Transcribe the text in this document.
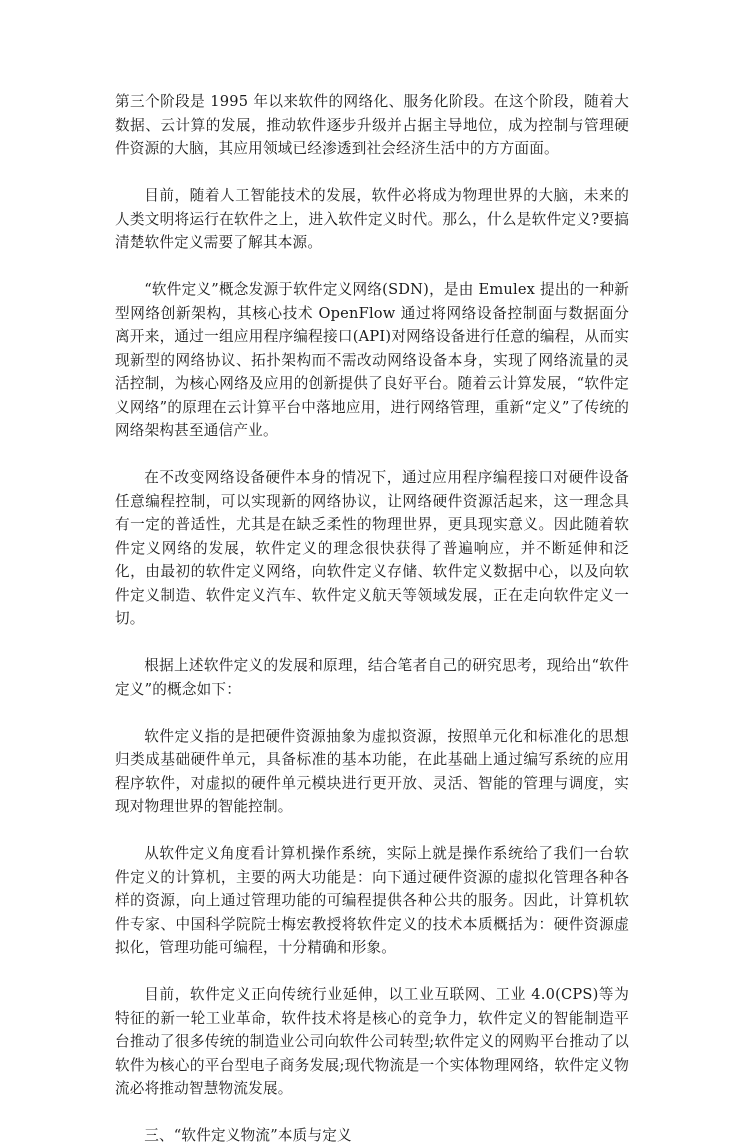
第三个阶段是 1995 年以来软件的网络化、服务化阶段。在这个阶段，随着大数据、云计算的发展，推动软件逐步升级并占据主导地位，成为控制与管理硬件资源的大脑，其应用领域已经渗透到社会经济生活中的方方面面。

目前，随着人工智能技术的发展，软件必将成为物理世界的大脑，未来的人类文明将运行在软件之上，进入软件定义时代。那么，什么是软件定义?要搞清楚软件定义需要了解其本源。

“软件定义”概念发源于软件定义网络(SDN)，是由 Emulex 提出的一种新型网络创新架构，其核心技术 OpenFlow 通过将网络设备控制面与数据面分离开来，通过一组应用程序编程接口(API)对网络设备进行任意的编程，从而实现新型的网络协议、拓扑架构而不需改动网络设备本身，实现了网络流量的灵活控制，为核心网络及应用的创新提供了良好平台。随着云计算发展，“软件定义网络”的原理在云计算平台中落地应用，进行网络管理，重新“定义”了传统的网络架构甚至通信产业。

在不改变网络设备硬件本身的情况下，通过应用程序编程接口对硬件设备任意编程控制，可以实现新的网络协议，让网络硬件资源活起来，这一理念具有一定的普适性，尤其是在缺乏柔性的物理世界，更具现实意义。因此随着软件定义网络的发展，软件定义的理念很快获得了普遍响应，并不断延伸和泛化，由最初的软件定义网络，向软件定义存储、软件定义数据中心，以及向软件定义制造、软件定义汽车、软件定义航天等领域发展，正在走向软件定义一切。

根据上述软件定义的发展和原理，结合笔者自己的研究思考，现给出“软件定义”的概念如下：

软件定义指的是把硬件资源抽象为虚拟资源，按照单元化和标准化的思想归类成基础硬件单元，具备标准的基本功能，在此基础上通过编写系统的应用程序软件，对虚拟的硬件单元模块进行更开放、灵活、智能的管理与调度，实现对物理世界的智能控制。

从软件定义角度看计算机操作系统，实际上就是操作系统给了我们一台软件定义的计算机，主要的两大功能是：向下通过硬件资源的虚拟化管理各种各样的资源，向上通过管理功能的可编程提供各种公共的服务。因此，计算机软件专家、中国科学院院士梅宏教授将软件定义的技术本质概括为：硬件资源虚拟化，管理功能可编程，十分精确和形象。

目前，软件定义正向传统行业延伸，以工业互联网、工业 4.0(CPS)等为特征的新一轮工业革命，软件技术将是核心的竞争力，软件定义的智能制造平台推动了很多传统的制造业公司向软件公司转型;软件定义的网购平台推动了以软件为核心的平台型电子商务发展;现代物流是一个实体物理网络，软件定义物流必将推动智慧物流发展。

三、“软件定义物流”本质与定义
